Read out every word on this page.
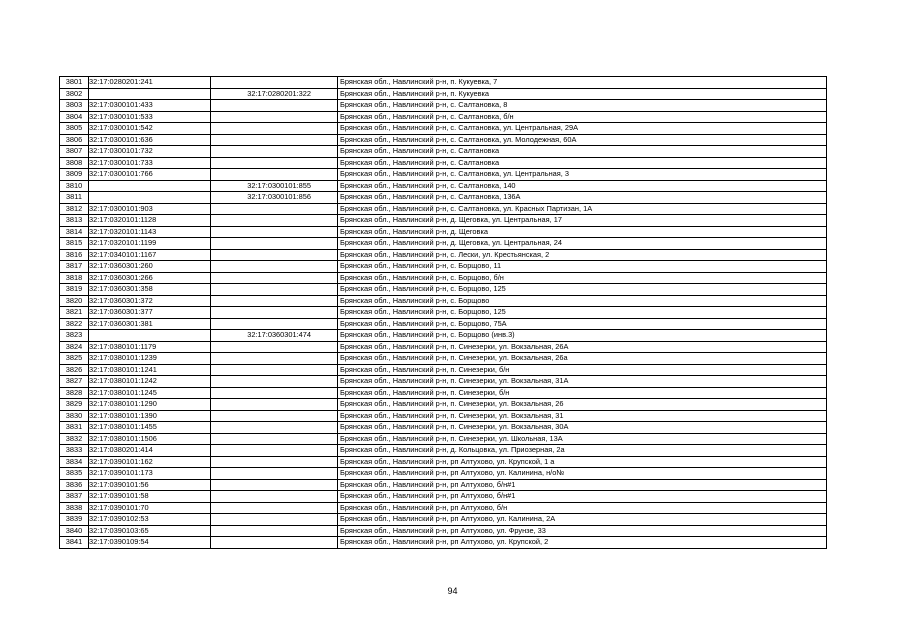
3801	32:17:0280201:241		Брянская обл., Навлинский р-н, п. Кукуевка, 7
3802		32:17:0280201:322	Брянская обл., Навлинский р-н, п. Кукуевка
3803	32:17:0300101:433		Брянская обл., Навлинский р-н, с. Салтановка, 8
3804	32:17:0300101:533		Брянская обл., Навлинский р-н, с. Салтановка, б/н
3805	32:17:0300101:542		Брянская обл., Навлинский р-н, с. Салтановка, ул. Центральная, 29А
3806	32:17:0300101:636		Брянская обл., Навлинский р-н, с. Салтановка, ул. Молодежная, 60А
3807	32:17:0300101:732		Брянская обл., Навлинский р-н, с. Салтановка
3808	32:17:0300101:733		Брянская обл., Навлинский р-н, с. Салтановка
3809	32:17:0300101:766		Брянская обл., Навлинский р-н, с. Салтановка, ул. Центральная, 3
3810		32:17:0300101:855	Брянская обл., Навлинский р-н, с. Салтановка, 140
3811		32:17:0300101:856	Брянская обл., Навлинский р-н, с. Салтановка, 136А
3812	32:17:0300101:903		Брянская обл., Навлинский р-н, с. Салтановка, ул. Красных Партизан, 1А
3813	32:17:0320101:1128		Брянская обл., Навлинский р-н, д. Щеговка, ул. Центральная, 17
3814	32:17:0320101:1143		Брянская обл., Навлинский р-н, д. Щеговка
3815	32:17:0320101:1199		Брянская обл., Навлинский р-н, д. Щеговка, ул. Центральная, 24
3816	32:17:0340101:1167		Брянская обл., Навлинский р-н, с. Лески, ул. Крестьянская, 2
3817	32:17:0360301:260		Брянская обл., Навлинский р-н, с. Борщово, 11
3818	32:17:0360301:266		Брянская обл., Навлинский р-н, с. Борщово, б/н
3819	32:17:0360301:358		Брянская обл., Навлинский р-н, с. Борщово, 125
3820	32:17:0360301:372		Брянская обл., Навлинский р-н, с. Борщово
3821	32:17:0360301:377		Брянская обл., Навлинский р-н, с. Борщово, 125
3822	32:17:0360301:381		Брянская обл., Навлинский р-н, с. Борщово, 75А
3823		32:17:0360301:474	Брянская обл., Навлинский р-н, с. Борщово (инв.3)
3824	32:17:0380101:1179		Брянская обл., Навлинский р-н, п. Синезерки, ул. Вокзальная, 26А
3825	32:17:0380101:1239		Брянская обл., Навлинский р-н, п. Синезерки, ул. Вокзальная, 26а
3826	32:17:0380101:1241		Брянская обл., Навлинский р-н, п. Синезерки, б/н
3827	32:17:0380101:1242		Брянская обл., Навлинский р-н, п. Синезерки, ул. Вокзальная, 31А
3828	32:17:0380101:1245		Брянская обл., Навлинский р-н, п. Синезерки, б/н
3829	32:17:0380101:1290		Брянская обл., Навлинский р-н, п. Синезерки, ул. Вокзальная, 26
3830	32:17:0380101:1390		Брянская обл., Навлинский р-н, п. Синезерки, ул. Вокзальная, 31
3831	32:17:0380101:1455		Брянская обл., Навлинский р-н, п. Синезерки, ул. Вокзальная, 30А
3832	32:17:0380101:1506		Брянская обл., Навлинский р-н, п. Синезерки, ул. Школьная, 13А
3833	32:17:0380201:414		Брянская обл., Навлинский р-н, д. Кольцовка, ул. Приозерная, 2а
3834	32:17:0390101:162		Брянская обл., Навлинский р-н, рп Алтухово, ул. Крупской, 1 а
3835	32:17:0390101:173		Брянская обл., Навлинский р-н, рп Алтухово, ул. Калинина, н/о№
3836	32:17:0390101:56		Брянская обл., Навлинский р-н, рп Алтухово, б/н#1
3837	32:17:0390101:58		Брянская обл., Навлинский р-н, рп Алтухово, б/н#1
3838	32:17:0390101:70		Брянская обл., Навлинский р-н, рп Алтухово, б/н
3839	32:17:0390102:53		Брянская обл., Навлинский р-н, рп Алтухово, ул. Калинина, 2А
3840	32:17:0390103:65		Брянская обл., Навлинский р-н, рп Алтухово, ул. Фрунзе, 33
3841	32:17:0390109:54		Брянская обл., Навлинский р-н, рп Алтухово, ул. Крупской, 2
94
